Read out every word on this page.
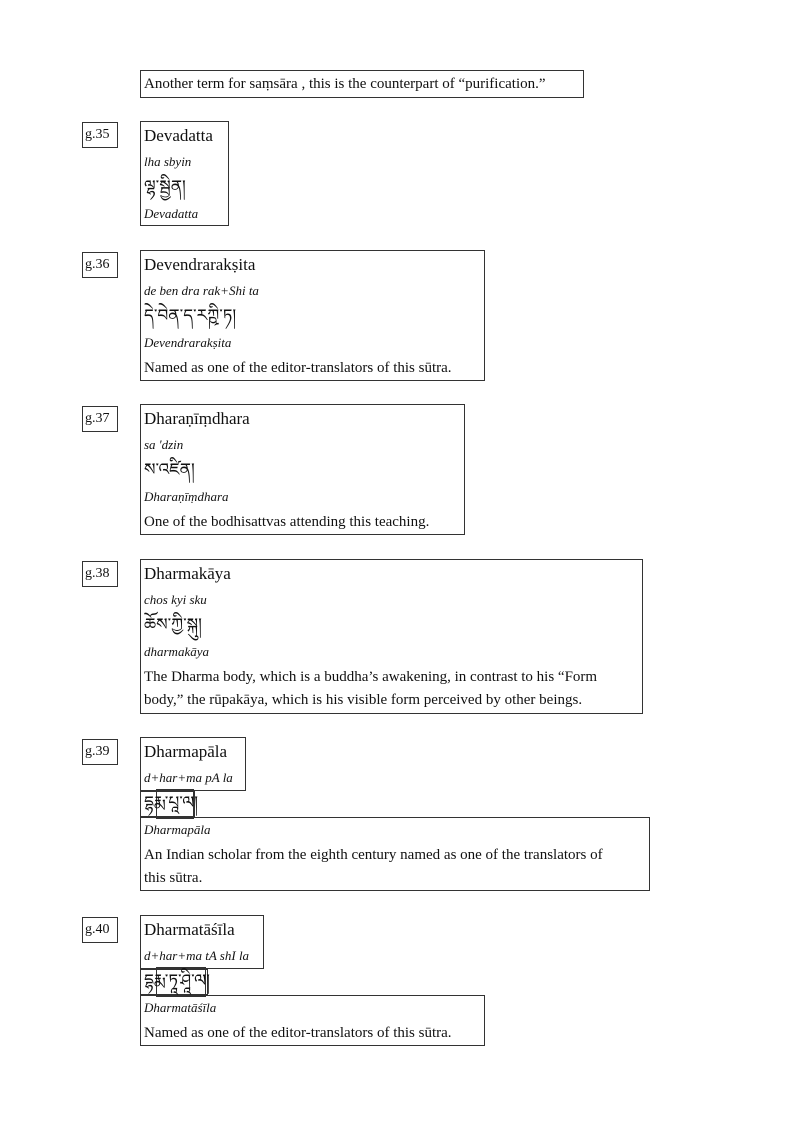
Another term for saṃsāra , this is the counterpart of “purification.”
g.35 Devadatta
lha sbyin
ལྷ་སྦྱིན།
Devadatta
g.36 Devendrarakṣita
de ben dra rak+Shi ta
དེ་བེན་ད་རཀྵི་ཏ།
Devendrarakṣita
Named as one of the editor-translators of this sūtra.
g.37 Dharaṇīṃdhara
sa 'dzin
ས་འཛིན།
Dharaṇīṃdhara
One of the bodhisattvas attending this teaching.
g.38 Dharmakāya
chos kyi sku
ཆོས་ཀྱི་སྐུ།
dharmakāya
The Dharma body, which is a buddha’s awakening, in contrast to his “Form
body,” the rūpakāya, which is his visible form perceived by other beings.
g.39 Dharmapāla
d+har+ma pA la
དྷརྨ་པཱ་ལ།
Dharmapāla
An Indian scholar from the eighth century named as one of the translators of
this sūtra.
g.40 Dharmatāśīla
d+har+ma tA shI la
དྷརྨ་ཏཱ་ཤཱི་ལ།
Dharmatāśīla
Named as one of the editor-translators of this sūtra.
